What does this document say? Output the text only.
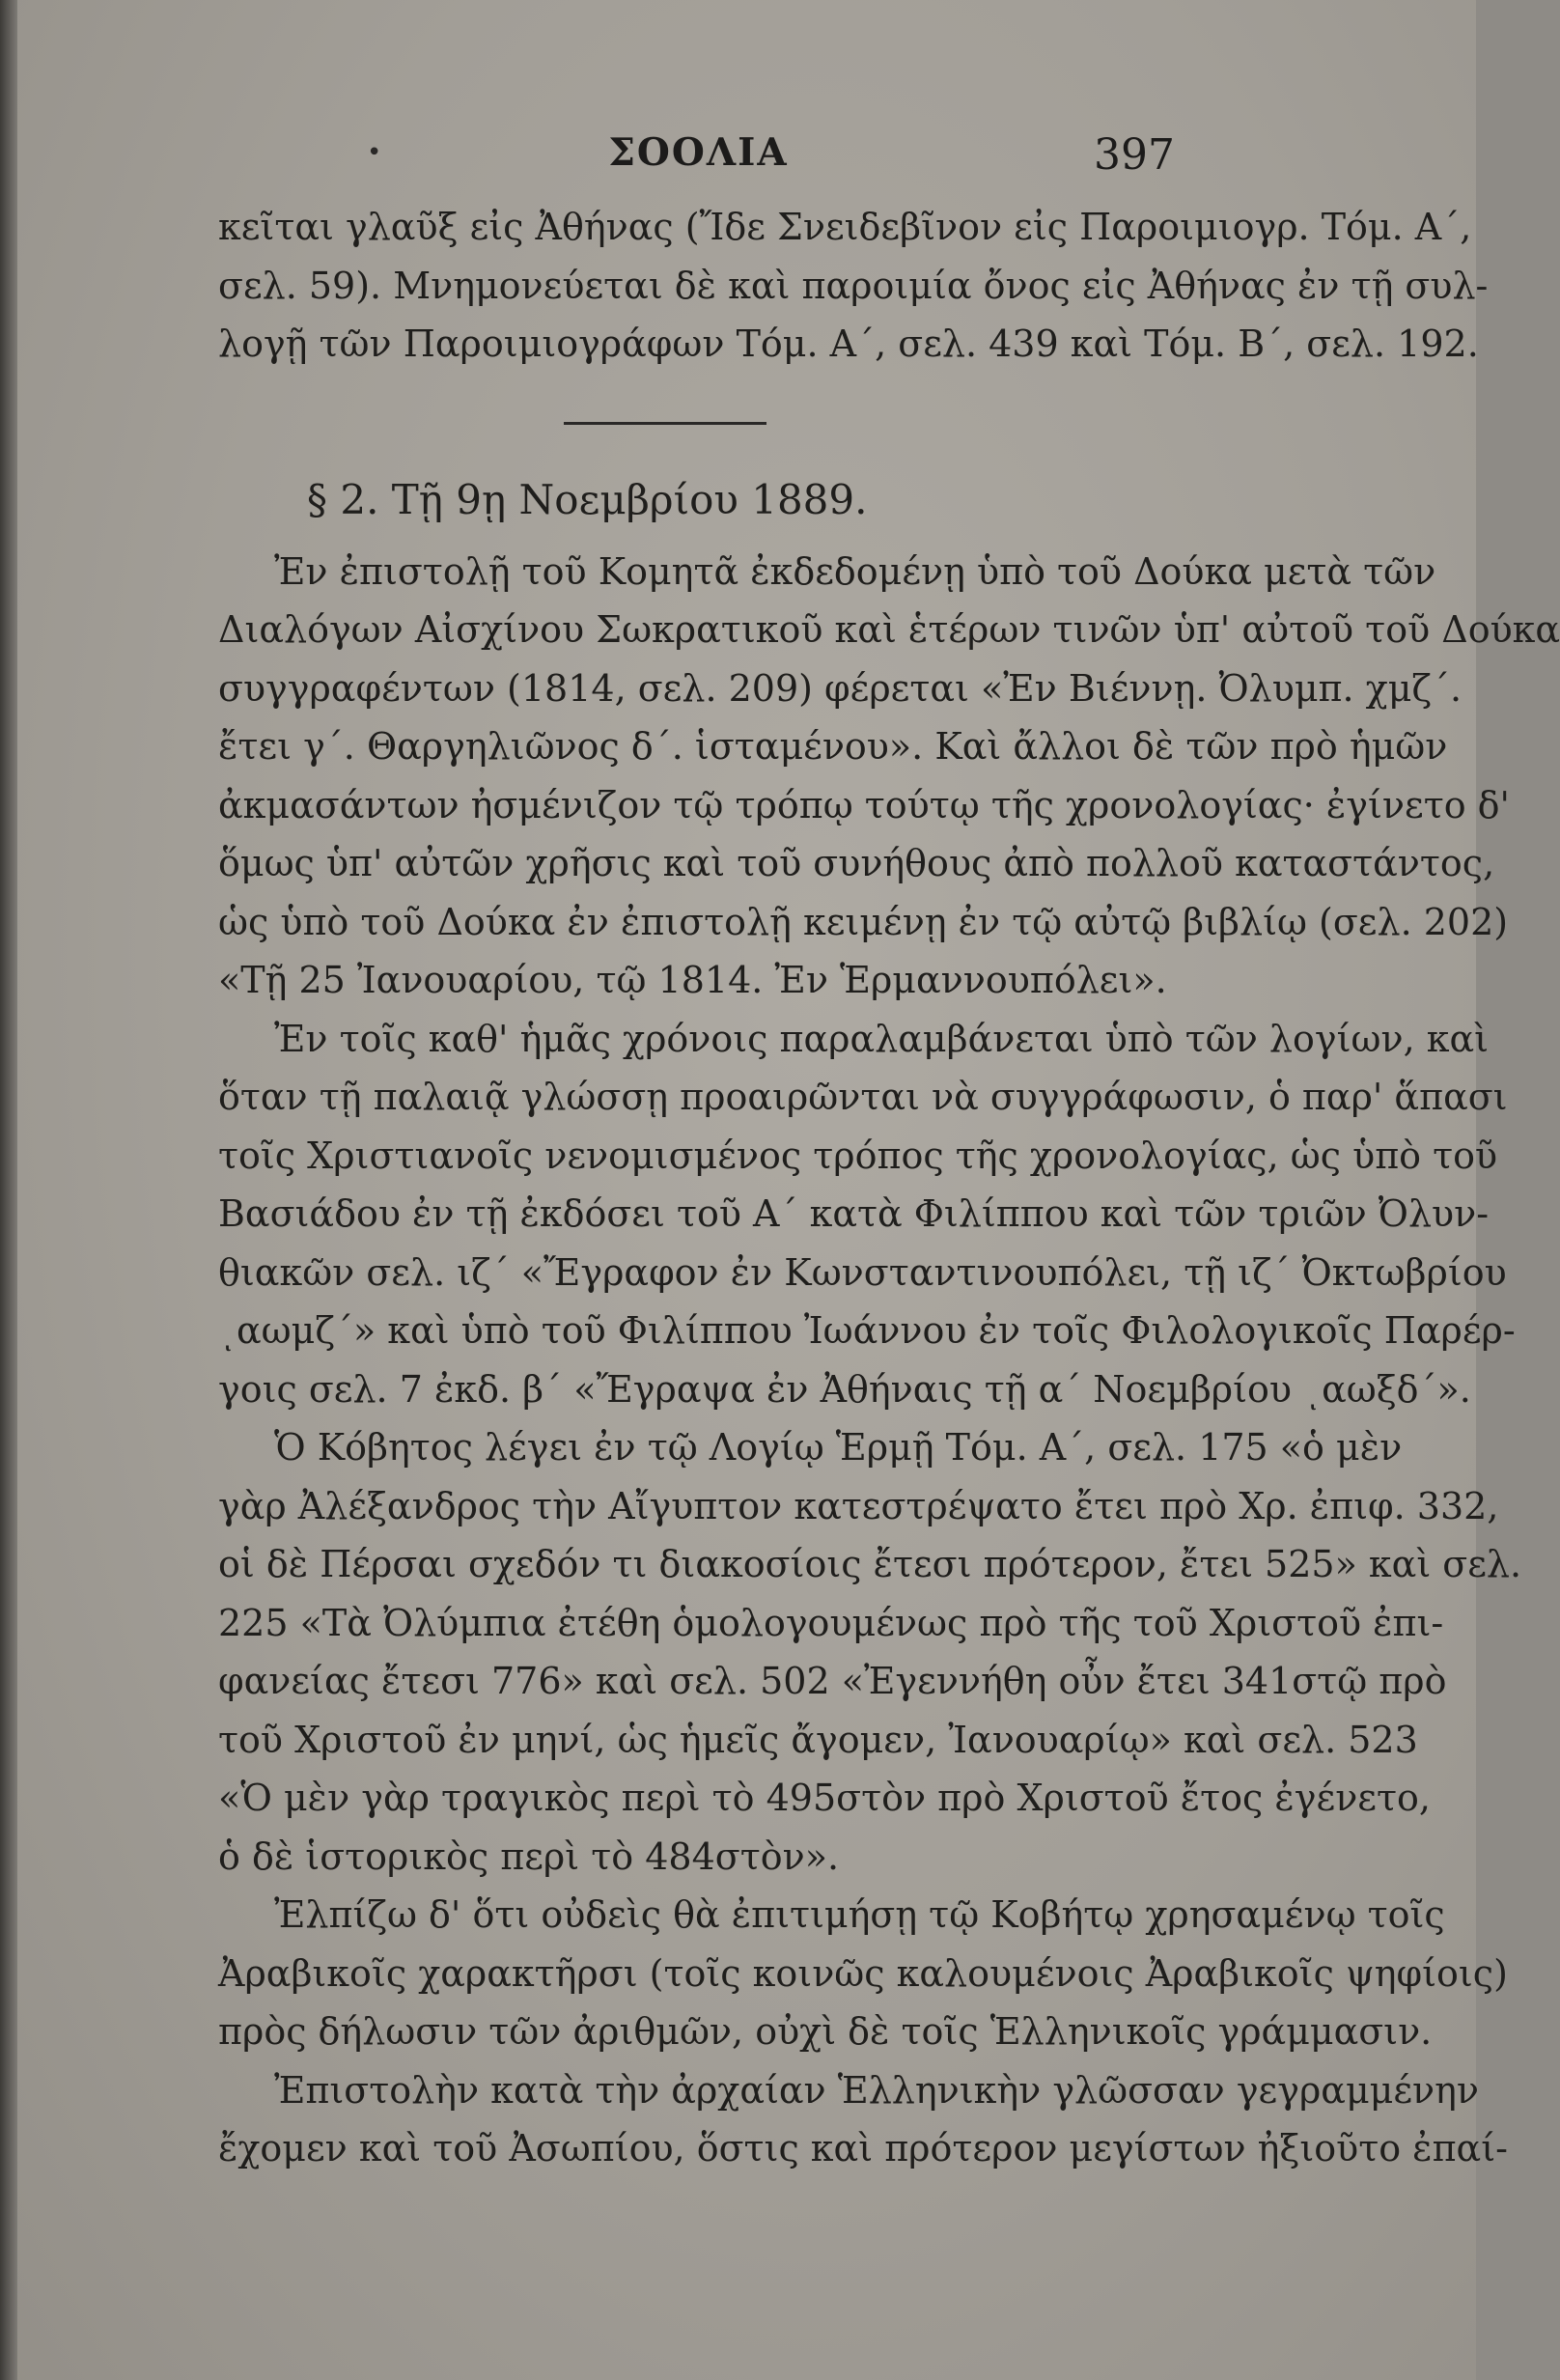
•	ΣΟΟΛΙΑ	397
κεῖται γλαῦξ εἰς Ἀθήνας (Ἴδε Σνειδεβῖνον εἰς Παροιμιογρ. Τόμ. Α΄,
σελ. 59). Μνημονεύεται δὲ καὶ παροιμία ὄνος εἰς Ἀθήνας ἐν τῇ συλ-
λογῇ τῶν Παροιμιογράφων Τόμ. Α΄, σελ. 439 καὶ Τόμ. Β΄, σελ. 192.
§ 2. Τῇ 9ῃ Νοεμβρίου 1889.
Ἐν ἐπιστολῇ τοῦ Κομητᾶ ἐκδεδομένῃ ὑπὸ τοῦ Δούκα μετὰ τῶν
Διαλόγων Αἰσχίνου Σωκρατικοῦ καὶ ἑτέρων τινῶν ὑπ' αὐτοῦ τοῦ Δούκα
συγγραφέντων (1814, σελ. 209) φέρεται «Ἐν Βιέννῃ. Ὀλυμπ. χμζ΄.
ἔτει γ΄. Θαργηλιῶνος δ΄. ἱσταμένου». Καὶ ἄλλοι δὲ τῶν πρὸ ἡμῶν
ἀκμασάντων ἠσμένιζον τῷ τρόπῳ τούτῳ τῆς χρονολογίας· ἐγίνετο δ'
ὅμως ὑπ' αὐτῶν χρῆσις καὶ τοῦ συνήθους ἀπὸ πολλοῦ καταστάντος,
ὡς ὑπὸ τοῦ Δούκα ἐν ἐπιστολῇ κειμένῃ ἐν τῷ αὐτῷ βιβλίῳ (σελ. 202)
«Τῇ 25 Ἰανουαρίου, τῷ 1814. Ἐν Ἑρμαννουπόλει».
Ἐν τοῖς καθ' ἡμᾶς χρόνοις παραλαμβάνεται ὑπὸ τῶν λογίων, καὶ
ὅταν τῇ παλαιᾷ γλώσσῃ προαιρῶνται νὰ συγγράφωσιν, ὁ παρ' ἅπασι
τοῖς Χριστιανοῖς νενομισμένος τρόπος τῆς χρονολογίας, ὡς ὑπὸ τοῦ
Βασιάδου ἐν τῇ ἐκδόσει τοῦ Α΄ κατὰ Φιλίππου καὶ τῶν τριῶν Ὀλυν-
θιακῶν σελ. ιζ΄ «Ἔγραφον ἐν Κωνσταντινουπόλει, τῇ ιζ΄ Ὀκτωβρίου
ͺαωμζ΄» καὶ ὑπὸ τοῦ Φιλίππου Ἰωάννου ἐν τοῖς Φιλολογικοῖς Παρέρ-
γοις σελ. 7 ἐκδ. β΄ «Ἔγραψα ἐν Ἀθήναις τῇ α΄ Νοεμβρίου ͺαωξδ΄».
Ὁ Κόβητος λέγει ἐν τῷ Λογίῳ Ἑρμῇ Τόμ. Α΄, σελ. 175 «ὁ μὲν
γὰρ Ἀλέξανδρος τὴν Αἴγυπτον κατεστρέψατο ἔτει πρὸ Χρ. ἐπιφ. 332,
οἱ δὲ Πέρσαι σχεδόν τι διακοσίοις ἔτεσι πρότερον, ἔτει 525» καὶ σελ.
225 «Τὰ Ὀλύμπια ἐτέθη ὁμολογουμένως πρὸ τῆς τοῦ Χριστοῦ ἐπι-
φανείας ἔτεσι 776» καὶ σελ. 502 «Ἐγεννήθη οὖν ἔτει 341στῷ πρὸ
τοῦ Χριστοῦ ἐν μηνί, ὡς ἡμεῖς ἄγομεν, Ἰανουαρίῳ» καὶ σελ. 523
«Ὁ μὲν γὰρ τραγικὸς περὶ τὸ 495στὸν πρὸ Χριστοῦ ἔτος ἐγένετο,
ὁ δὲ ἱστορικὸς περὶ τὸ 484στὸν».
Ἐλπίζω δ' ὅτι οὐδεὶς θὰ ἐπιτιμήσῃ τῷ Κοβήτῳ χρησαμένῳ τοῖς
Ἀραβικοῖς χαρακτῆρσι (τοῖς κοινῶς καλουμένοις Ἀραβικοῖς ψηφίοις)
πρὸς δήλωσιν τῶν ἀριθμῶν, οὐχὶ δὲ τοῖς Ἑλληνικοῖς γράμμασιν.
Ἐπιστολὴν κατὰ τὴν ἀρχαίαν Ἑλληνικὴν γλῶσσαν γεγραμμένην
ἔχομεν καὶ τοῦ Ἀσωπίου, ὅστις καὶ πρότερον μεγίστων ἠξιοῦτο ἐπαί-
